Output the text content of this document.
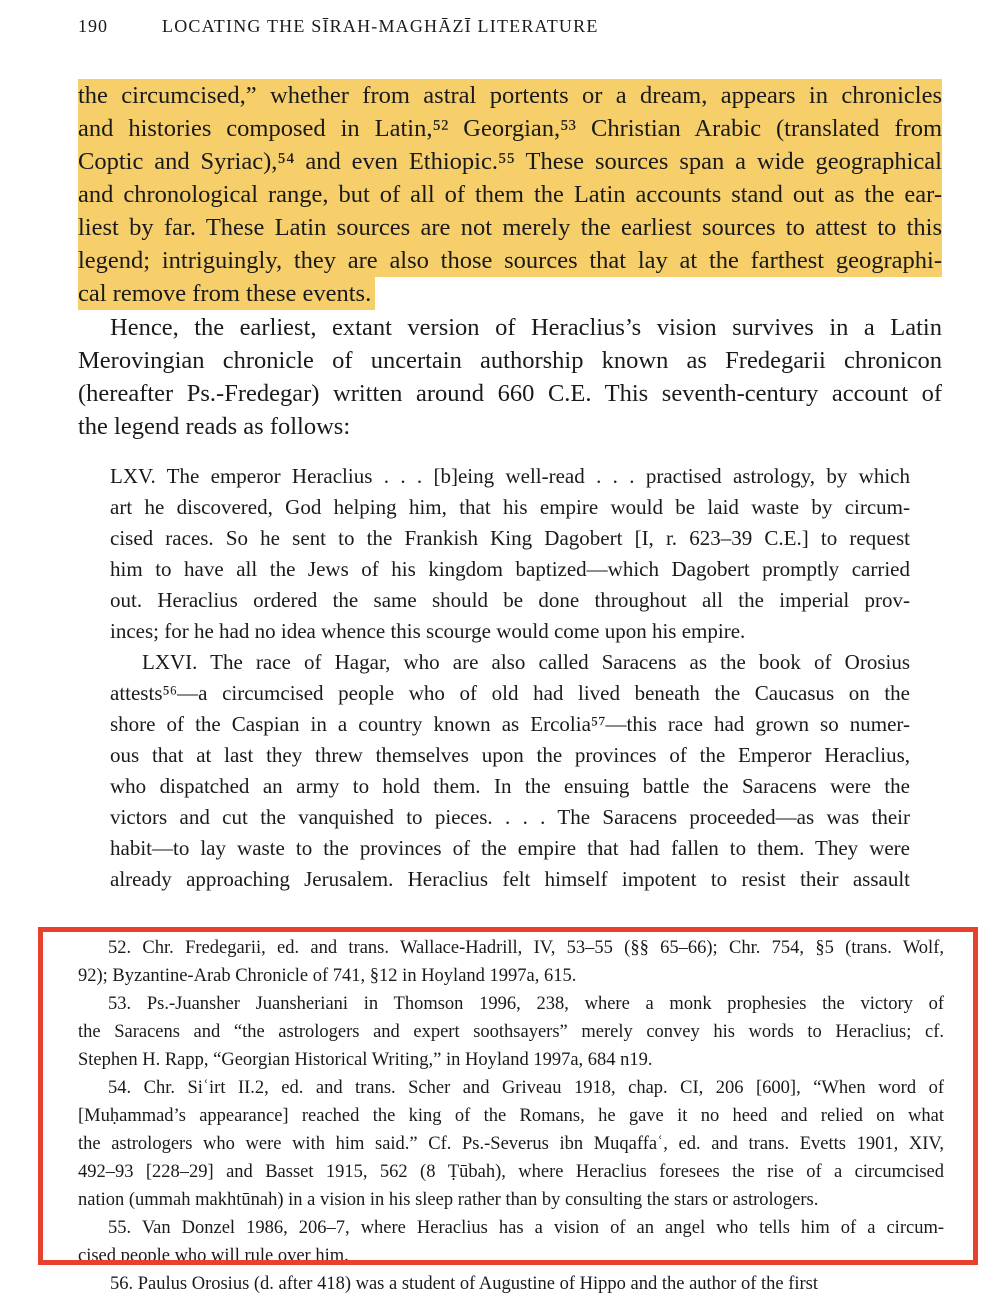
190	LOCATING THE SĪRAH-MAGHĀZĪ LITERATURE
the circumcised,” whether from astral portents or a dream, appears in chronicles
and histories composed in Latin,⁵² Georgian,⁵³ Christian Arabic (translated from
Coptic and Syriac),⁵⁴ and even Ethiopic.⁵⁵ These sources span a wide geographical
and chronological range, but of all of them the Latin accounts stand out as the ear-
liest by far. These Latin sources are not merely the earliest sources to attest to this
legend; intriguingly, they are also those sources that lay at the farthest geographi-
cal remove from these events.
Hence, the earliest, extant version of Heraclius’s vision survives in a Latin
Merovingian chronicle of uncertain authorship known as Fredegarii chronicon
(hereafter Ps.-Fredegar) written around 660 C.E. This seventh-century account of
the legend reads as follows:
LXV. The emperor Heraclius . . . [b]eing well-read . . . practised astrology, by which
art he discovered, God helping him, that his empire would be laid waste by circum-
cised races. So he sent to the Frankish King Dagobert [I, r. 623–39 C.E.] to request
him to have all the Jews of his kingdom baptized—which Dagobert promptly carried
out. Heraclius ordered the same should be done throughout all the imperial prov-
inces; for he had no idea whence this scourge would come upon his empire.
LXVI. The race of Hagar, who are also called Saracens as the book of Orosius
attests⁵⁶—a circumcised people who of old had lived beneath the Caucasus on the
shore of the Caspian in a country known as Ercolia⁵⁷—this race had grown so numer-
ous that at last they threw themselves upon the provinces of the Emperor Heraclius,
who dispatched an army to hold them. In the ensuing battle the Saracens were the
victors and cut the vanquished to pieces. . . . The Saracens proceeded—as was their
habit—to lay waste to the provinces of the empire that had fallen to them. They were
already approaching Jerusalem. Heraclius felt himself impotent to resist their assault
52. Chr. Fredegarii, ed. and trans. Wallace-Hadrill, IV, 53–55 (§§ 65–66); Chr. 754, §5 (trans. Wolf,
92); Byzantine-Arab Chronicle of 741, §12 in Hoyland 1997a, 615.
53. Ps.-Juansher Juansheriani in Thomson 1996, 238, where a monk prophesies the victory of
the Saracens and “the astrologers and expert soothsayers” merely convey his words to Heraclius; cf.
Stephen H. Rapp, “Georgian Historical Writing,” in Hoyland 1997a, 684 n19.
54. Chr. Siʿirt II.2, ed. and trans. Scher and Griveau 1918, chap. CI, 206 [600], “When word of
[Muḥammad’s appearance] reached the king of the Romans, he gave it no heed and relied on what
the astrologers who were with him said.” Cf. Ps.-Severus ibn Muqaffaʿ, ed. and trans. Evetts 1901, XIV,
492–93 [228–29] and Basset 1915, 562 (8 Ṭūbah), where Heraclius foresees the rise of a circumcised
nation (ummah makhtūnah) in a vision in his sleep rather than by consulting the stars or astrologers.
55. Van Donzel 1986, 206–7, where Heraclius has a vision of an angel who tells him of a circum-
cised people who will rule over him.
56. Paulus Orosius (d. after 418) was a student of Augustine of Hippo and the author of the first
